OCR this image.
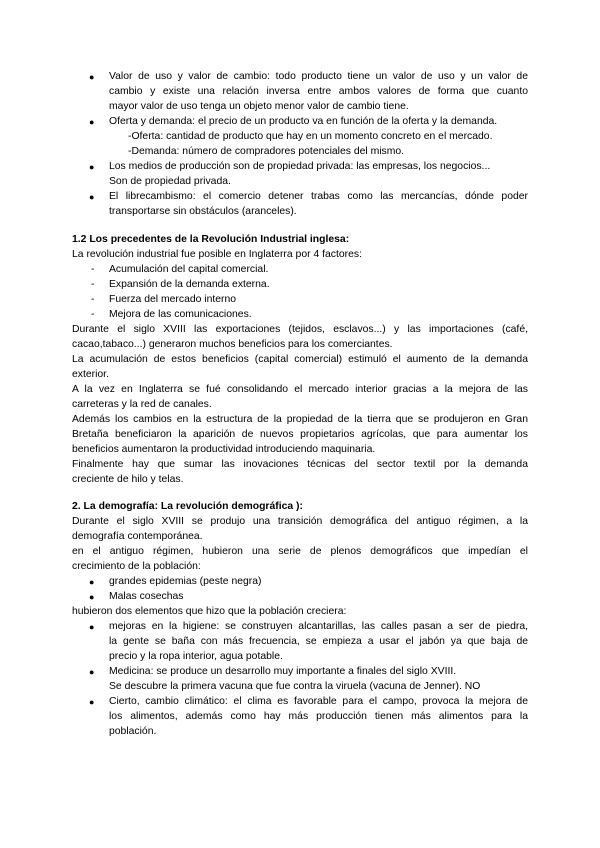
● Valor de uso y valor de cambio: todo producto tiene un valor de uso y un valor de
cambio y existe una relación inversa entre ambos valores de forma que cuanto
mayor valor de uso tenga un objeto menor valor de cambio tiene.
● Oferta y demanda: el precio de un producto va en función de la oferta y la demanda.
-Oferta: cantidad de producto que hay en un momento concreto en el mercado.
-Demanda: número de compradores potenciales del mismo.
● Los medios de producción son de propiedad privada: las empresas, los negocios...
Son de propiedad privada.
● El librecambismo: el comercio detener trabas como las mercancías, dónde poder
transportarse sin obstáculos (aranceles).
1.2 Los precedentes de la Revolución Industrial inglesa:
La revolución industrial fue posible en Inglaterra por 4 factores:
- Acumulación del capital comercial.
- Expansión de la demanda externa.
- Fuerza del mercado interno
- Mejora de las comunicaciones.
Durante el siglo XVIII las exportaciones (tejidos, esclavos...) y las importaciones (café,
cacao,tabaco...) generaron muchos beneficios para los comerciantes.
La acumulación de estos beneficios (capital comercial) estimuló el aumento de la demanda
exterior.
A la vez en Inglaterra se fué consolidando el mercado interior gracias a la mejora de las
carreteras y la red de canales.
Además los cambios en la estructura de la propiedad de la tierra que se produjeron en Gran
Bretaña beneficiaron la aparición de nuevos propietarios agrícolas, que para aumentar los
beneficios aumentaron la productividad introduciendo maquinaria.
Finalmente hay que sumar las inovaciones técnicas del sector textil por la demanda
creciente de hilo y telas.
2. La demografía: La revolución demográfica ):
Durante el siglo XVIII se produjo una transición demográfica del antiguo régimen, a la
demografía contemporánea.
en el antiguo régimen, hubieron una serie de plenos demográficos que impedían el
crecimiento de la población:
● grandes epidemias (peste negra)
● Malas cosechas
hubieron dos elementos que hizo que la población creciera:
● mejoras en la higiene: se construyen alcantarillas, las calles pasan a ser de piedra,
la gente se baña con más frecuencia, se empieza a usar el jabón ya que baja de
precio y la ropa interior, agua potable.
● Medicina: se produce un desarrollo muy importante a finales del siglo XVIII.
Se descubre la primera vacuna que fue contra la viruela (vacuna de Jenner). NO
● Cierto, cambio climático: el clima es favorable para el campo, provoca la mejora de
los alimentos, además como hay más producción tienen más alimentos para la
población.
